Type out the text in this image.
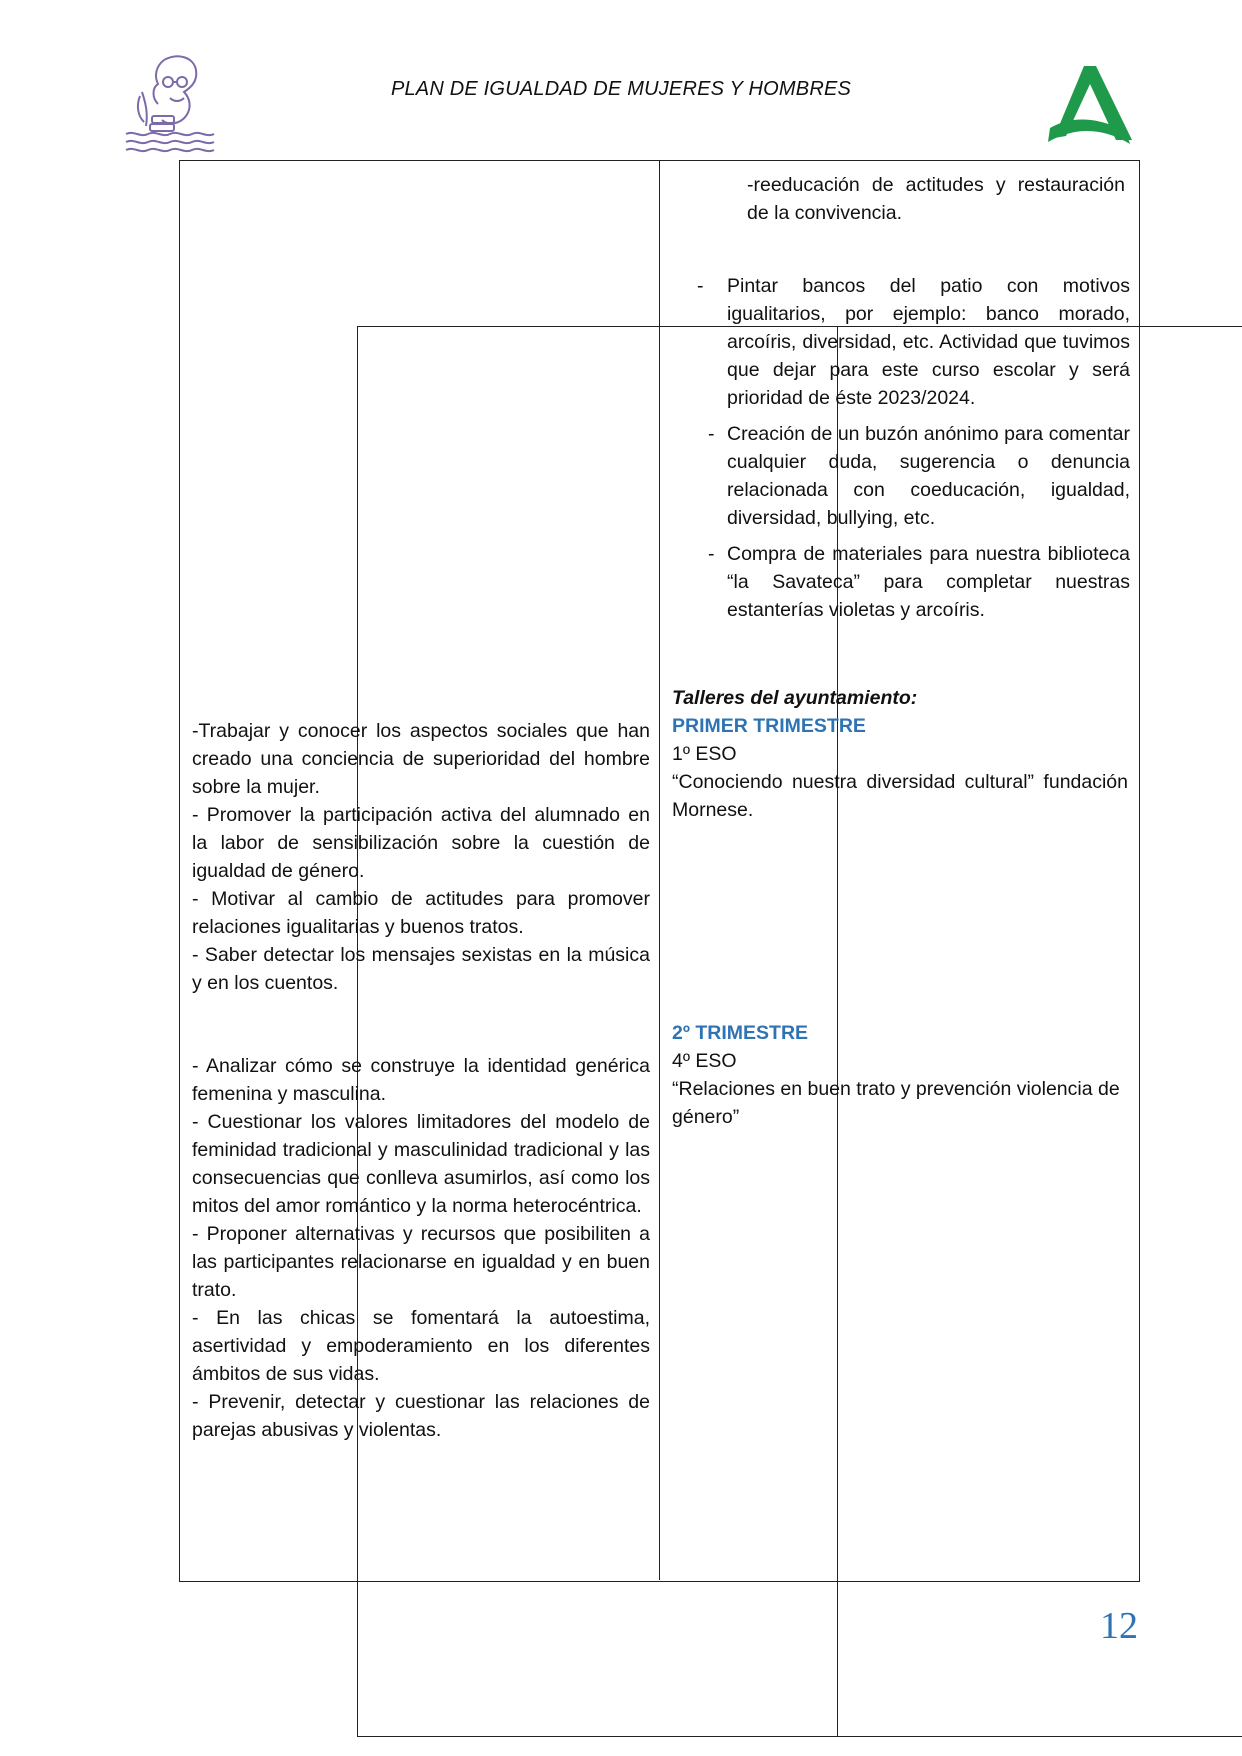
PLAN DE IGUALDAD DE MUJERES Y HOMBRES

-reeducación de actitudes y restauración de la convivencia.

- Pintar bancos del patio con motivos igualitarios, por ejemplo: banco morado, arcoíris, diversidad, etc. Actividad que tuvimos que dejar para este curso escolar y será prioridad de éste 2023/2024.

- Creación de un buzón anónimo para comentar cualquier duda, sugerencia o denuncia relacionada con coeducación, igualdad, diversidad, bullying, etc.

- Compra de materiales para nuestra biblioteca “la Savateca” para completar nuestras estanterías violetas y arcoíris.

Talleres del ayuntamiento:

PRIMER TRIMESTRE

1º ESO

“Conociendo nuestra diversidad cultural” fundación Mornese.

2º TRIMESTRE

4º ESO

“Relaciones en buen trato y prevención violencia de género”

-Trabajar y conocer los aspectos sociales que han creado una conciencia de superioridad del hombre sobre la mujer.

- Promover la participación activa del alumnado en la labor de sensibilización sobre la cuestión de igualdad de género.

- Motivar al cambio de actitudes para promover relaciones igualitarias y buenos tratos.

- Saber detectar los mensajes sexistas en la música y en los cuentos.

- Analizar cómo se construye la identidad genérica femenina y masculina.

- Cuestionar los valores limitadores del modelo de feminidad tradicional y masculinidad tradicional y las consecuencias que conlleva asumirlos, así como los mitos del amor romántico y la norma heterocéntrica.

- Proponer alternativas y recursos que posibiliten a las participantes relacionarse en igualdad y en buen trato.

- En las chicas se fomentará la autoestima, asertividad y empoderamiento en los diferentes ámbitos de sus vidas.

- Prevenir, detectar y cuestionar las relaciones de parejas abusivas y violentas.

12
